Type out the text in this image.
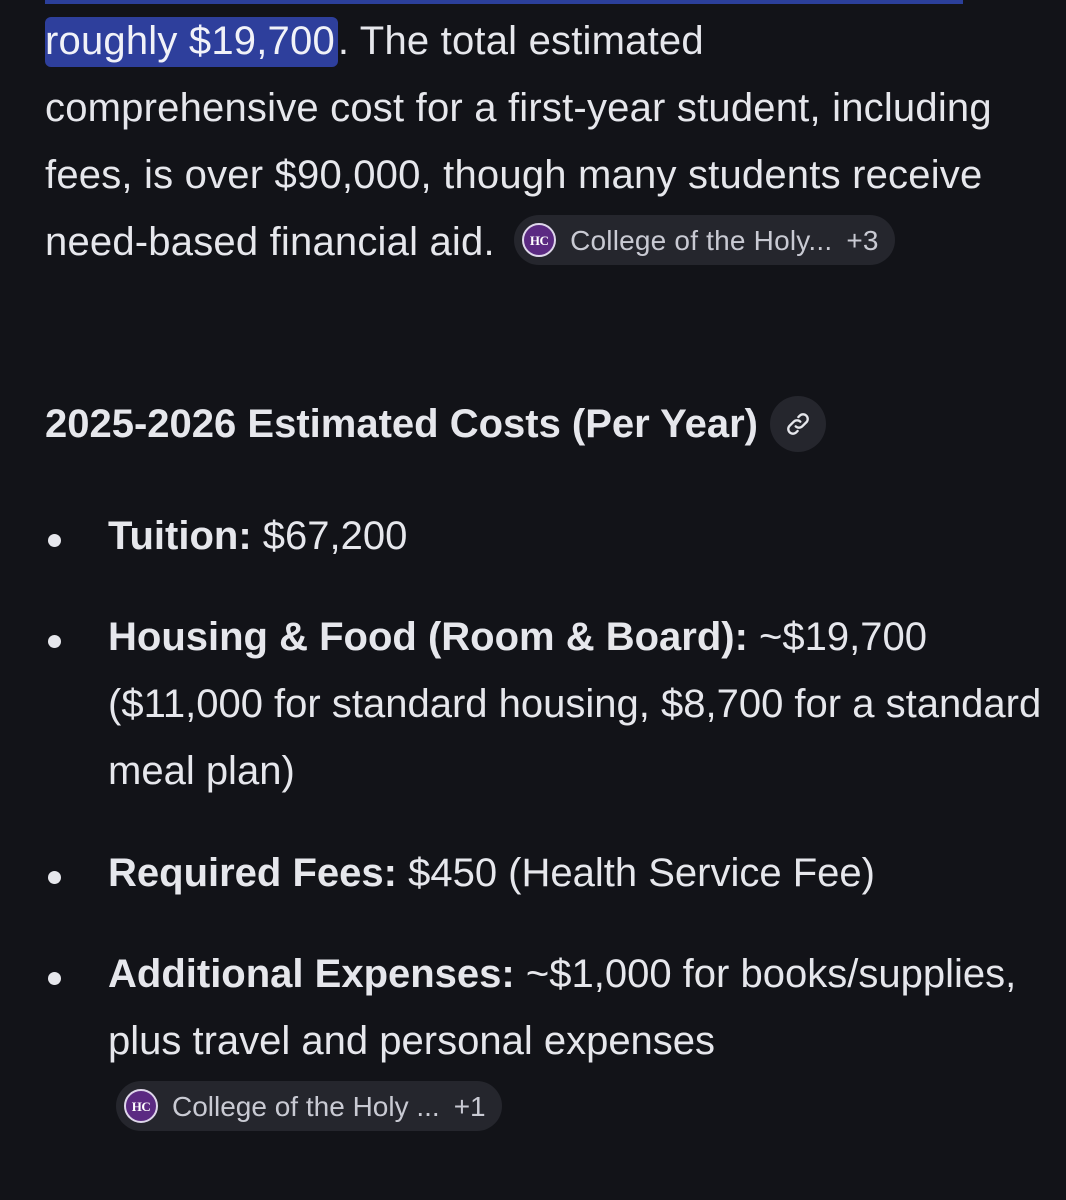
roughly $19,700. The total estimated
comprehensive cost for a first-year student, including fees, is over $90,000, though many students receive need-based financial aid.	HC College of the Holy... +3
2025-2026 Estimated Costs (Per Year)
Tuition: $67,200
Housing & Food (Room & Board): ~$19,700 ($11,000 for standard housing, $8,700 for a standard meal plan)
Required Fees: $450 (Health Service Fee)
Additional Expenses: ~$1,000 for books/supplies, plus travel and personal expenses
HC College of the Holy ... +1
